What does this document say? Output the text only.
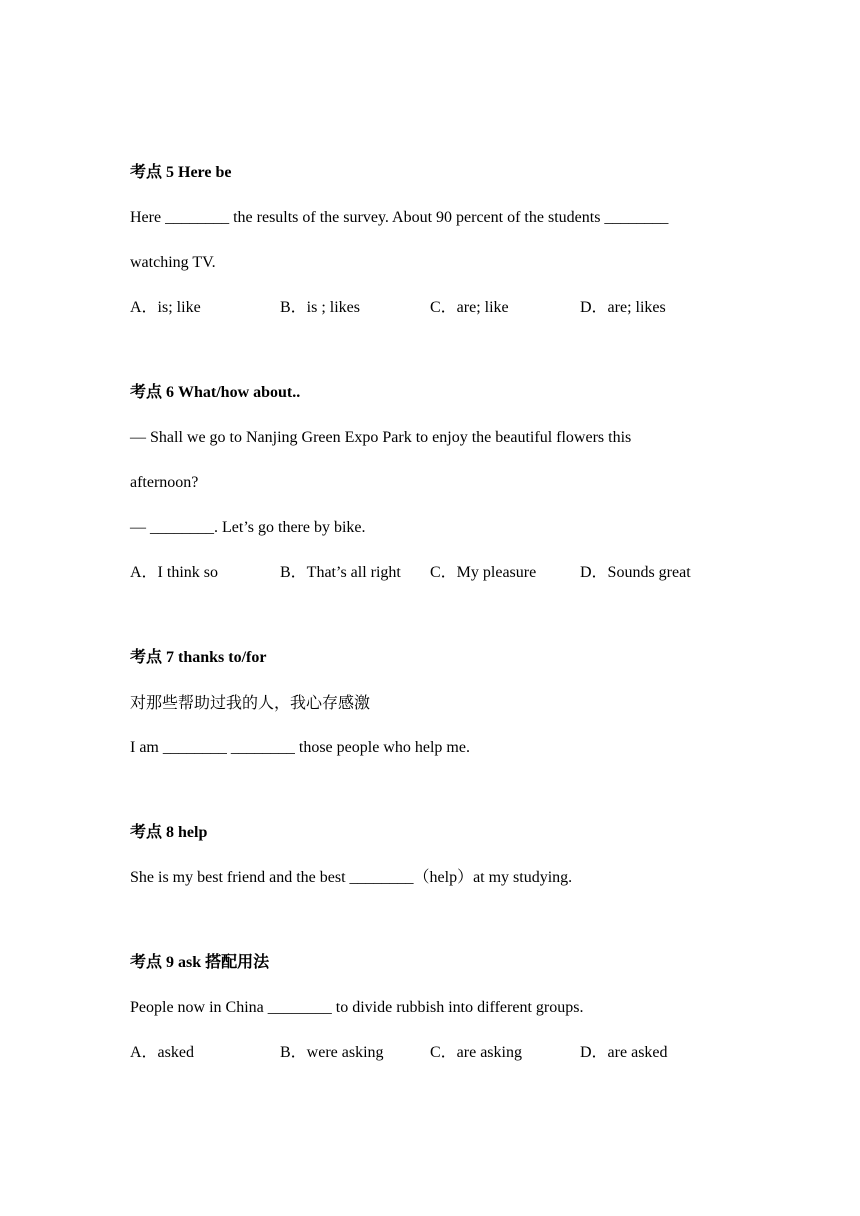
考点 5 Here be
Here ________ the results of the survey. About 90 percent of the students ________
watching TV.
A．is; like	B．is ; likes	C．are; like	D．are; likes
考点 6 What/how about..
— Shall we go to Nanjing Green Expo Park to enjoy the beautiful flowers this
afternoon?
— ________. Let’s go there by bike.
A．I think so	B．That’s all right C．My pleasure	D．Sounds great
考点 7 thanks to/for
对那些帮助过我的人，我心存感激
I am ________ ________ those people who help me.
考点 8 help
She is my best friend and the best ________（help）at my studying.
考点 9 ask 搭配用法
People now in China ________ to divide rubbish into different groups.
A．asked	B．were asking	C．are asking	D．are asked
